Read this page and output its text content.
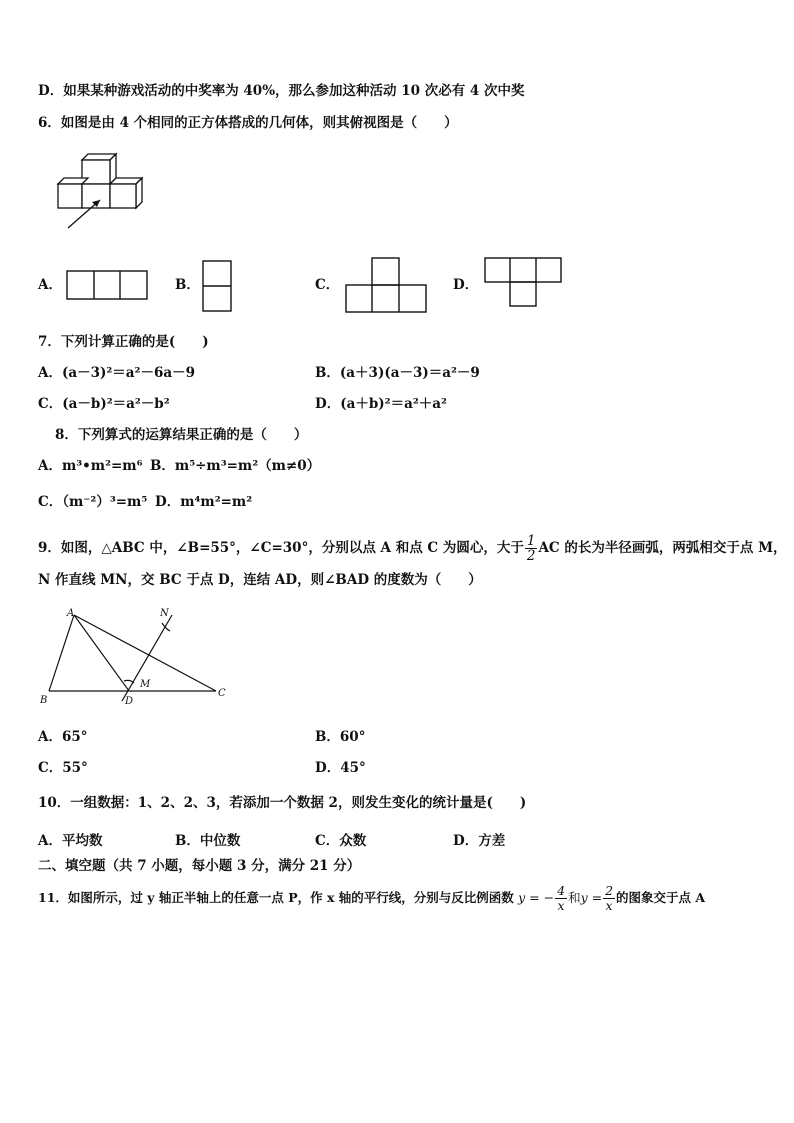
D．如果某种游戏活动的中奖率为 40%，那么参加这种活动 10 次必有 4 次中奖
6．如图是由 4 个相同的正方体搭成的几何体，则其俯视图是（　　）
A．	B．	C．	D．
7．下列计算正确的是(　　)
A．(a－3)²＝a²－6a－9	B．(a＋3)(a－3)＝a²－9
C．(a－b)²＝a²－b²	D．(a＋b)²＝a²＋a²
8．下列算式的运算结果正确的是（　　）
A．m³•m²=m⁶ B．m⁵÷m³=m²（m≠0）
C．（m⁻²）³=m⁵ D．m⁴m²=m²
9．如图，△ABC 中，∠B=55°，∠C=30°，分别以点 A 和点 C 为圆心，大于 $\frac{1}{2}$ AC 的长为半径画弧，两弧相交于点 M，
N 作直线 MN，交 BC 于点 D，连结 AD，则∠BAD 的度数为（　　）
A
B
C
D
M
N
A．65°	B．60°
C．55°	D．45°
10．一组数据：1、2、2、3，若添加一个数据 2，则发生变化的统计量是(　　)
A．平均数	B．中位数	C．众数	D．方差
二、填空题（共 7 小题，每小题 3 分，满分 21 分）
11．如图所示，过 y 轴正半轴上的任意一点 P，作 x 轴的平行线，分别与反比例函数 y = − $\frac{4}{x}$ 和$y = \frac{2}{x}$ 的图象交于点 A
